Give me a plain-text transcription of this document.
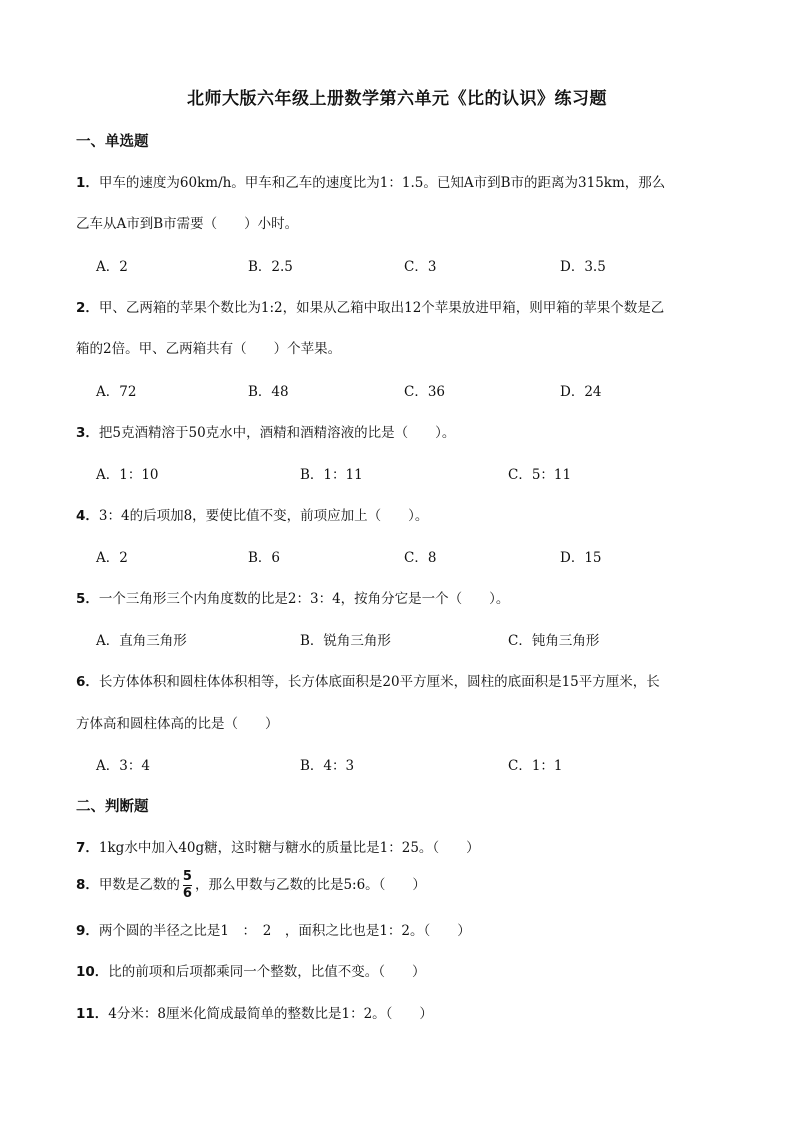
北师大版六年级上册数学第六单元《比的认识》练习题
一、单选题
1．甲车的速度为60km/h。甲车和乙车的速度比为1：1.5。已知A市到B市的距离为315km，那么
乙车从A市到B市需要（　　）小时。
A．2	B．2.5	C．3	D．3.5
2．甲、乙两箱的苹果个数比为1:2，如果从乙箱中取出12个苹果放进甲箱，则甲箱的苹果个数是乙
箱的2倍。甲、乙两箱共有（　　）个苹果。
A．72	B．48	C．36	D．24
3．把5克酒精溶于50克水中，酒精和酒精溶液的比是（　　）。
A．1：10	B．1：11	C．5：11
4．3：4的后项加8，要使比值不变，前项应加上（　　）。
A．2	B．6	C．8	D．15
5．一个三角形三个内角度数的比是2：3：4，按角分它是一个（　　）。
A．直角三角形	B．锐角三角形	C．钝角三角形
6．长方体体积和圆柱体体积相等，长方体底面积是20平方厘米，圆柱的底面积是15平方厘米，长
方体高和圆柱体高的比是（　　）
A．3：4	B．4：3	C．1：1
二、判断题
7．1kg水中加入40g糖，这时糖与糖水的质量比是1：25。（　　）
8．甲数是乙数的 $\frac{5}{6}$ ，那么甲数与乙数的比是5:6。（　　）
9．两个圆的半径之比是1　：　2　，面积之比也是1：2。（　　）
10．比的前项和后项都乘同一个整数，比值不变。（　　）
11．4分米：8厘米化简成最简单的整数比是1：2。（　　）
